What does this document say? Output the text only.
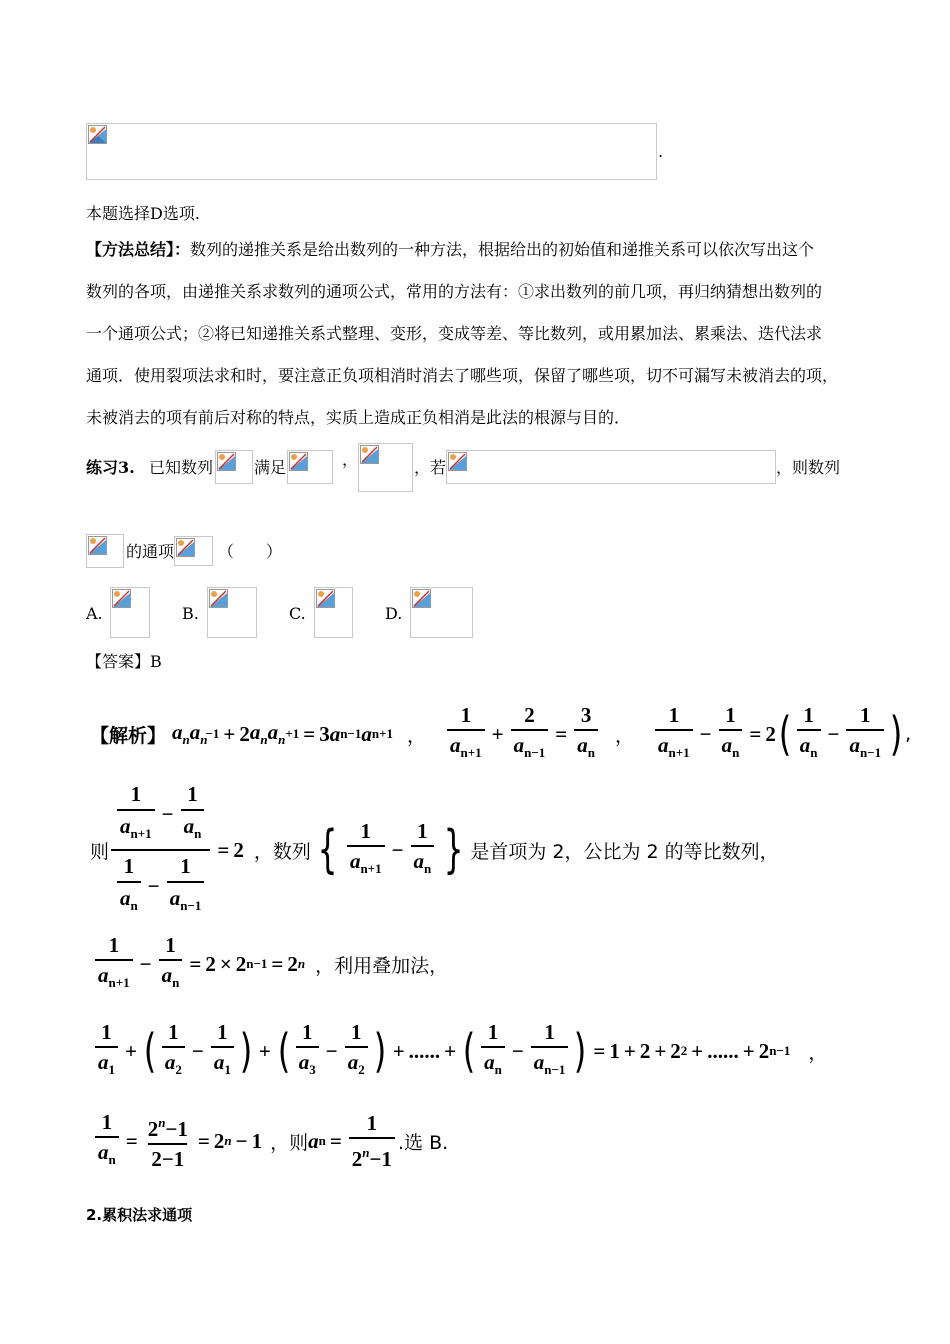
.
本题选择D选项.
【方法总结】：数列的递推关系是给出数列的一种方法，根据给出的初始值和递推关系可以依次写出这个
数列的各项，由递推关系求数列的通项公式，常用的方法有：①求出数列的前几项，再归纳猜想出数列的
一个通项公式；②将已知递推关系式整理、变形，变成等差、等比数列，或用累加法、累乘法、迭代法求
通项．使用裂项法求和时，要注意正负项相消时消去了哪些项，保留了哪些项，切不可漏写未被消去的项，
未被消去的项有前后对称的特点，实质上造成正负相消是此法的根源与目的．
练习3. 已知数列	满足	，	，若	，则数列
的通项	（　　）
A.	B.	C.	D.
【答案】B
【解析】 $a_na_n$
−1 + 2 $a_na_n +1 = 3$ a n−1 a n+1 ， $\frac{1}{a_{n+1}} + \frac{2}{a_{n-1}} = \frac{3}{a_n}$ ， $\frac{1}{a_{n+1}} - \frac{1}{a_n} = 2$ ( $\frac{1}{a_n} - \frac{1}{a_{n-1}}$ ) ,
则 $\frac{\frac{1}{a_{n+1}} - \frac{1}{a_n}}{\frac{1}{a_n} - \frac{1}{a_{n-1}}} = 2$ ，数列 { $\frac{1}{a_{n+1}} - \frac{1}{a_n}$ } 是首项为 2，公比为 2 的等比数列，
$\frac{1}{a_{n+1}} - \frac{1}{a_n} = 2 \times 2$ n−1 = 2 n ，利用叠加法，
$\frac{1}{a_1}$ + ( $\frac{1}{a_2} - \frac{1}{a_1}$ ) + ( $\frac{1}{a_3} - \frac{1}{a_2}$ ) + ...... + ( $\frac{1}{a_n} - \frac{1}{a_{n-1}}$ ) = 1 + 2 + 2 2 + ...... + 2 n−1 ，
$\frac{1}{a_n} = \frac{2^n-1}{2-1} = 2$ n − 1 ，则 a $n = \frac{1}{2^n-1}$ .选 B.
2.累积法求通项
